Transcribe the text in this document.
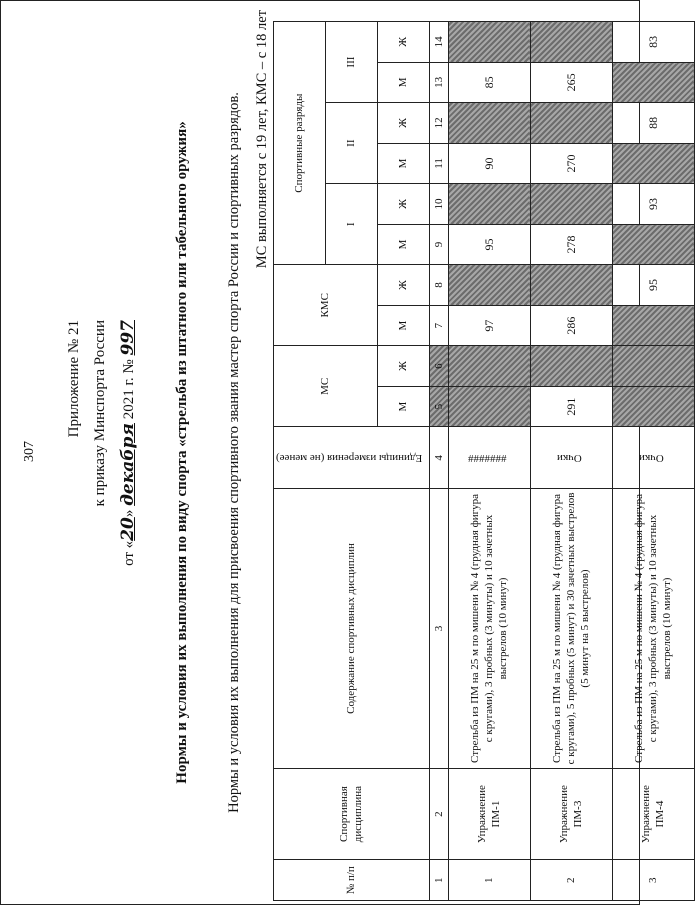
307
Приложение № 21 к приказу Минспорта России
от «20» декабря 2021 г. № 997 Нормы и условия их выполнения по виду спорта «стрельба из штатного или табельного оружия» Нормы и условия их выполнения для присвоения спортивного звания мастер спорта России и спортивных разрядов. МС выполняется с 19 лет, КМС – с 18 лет
№ п/п	Спортивная дисциплина	Содержание спортивных дисциплин	Единицы измерения (не менее)	МС		КМС		Спортивные разряды					
								I		II		III	
				М	Ж	М	Ж	М	Ж	М	Ж	М	Ж
1	2	3	4	5	6	7	8	9	10	11	12	13	14
1	Упражнение ПМ-1	Стрельба из ПМ на 25 м по мишени № 4 (грудная фигура с кругами), 3 пробных (3 минуты) и 10 зачетных выстрелов (10 минут)	#######			97		95		90		85	
2	Упражнение ПМ-3	Стрельба из ПМ на 25 м по мишени № 4 (грудная фигура с кругами), 5 пробных (5 минут) и 30 зачетных выстрелов (5 минут на 5 выстрелов)	Очки	291		286		278		270		265	
3	Упражнение ПМ-4	Стрельба из ПМ на 25 м по мишени № 4 (грудная фигура с кругами), 3 пробных (3 минуты) и 10 зачетных выстрелов (10 минут)	Очки				95		93		88		83
